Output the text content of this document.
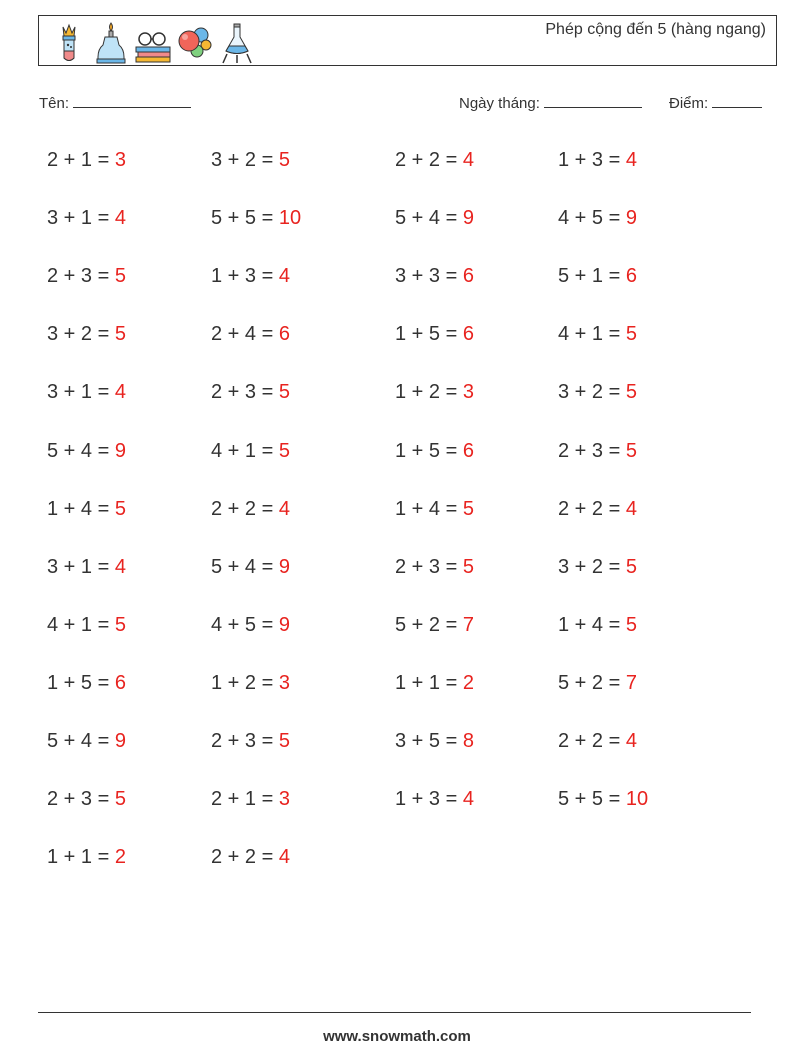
Phép cộng đến 5 (hàng ngang)
Tên:	Ngày tháng:	Điểm:
2 + 1 = 3
3 + 1 = 4
2 + 3 = 5
3 + 2 = 5
3 + 1 = 4
5 + 4 = 9
1 + 4 = 5
3 + 1 = 4
4 + 1 = 5
1 + 5 = 6
5 + 4 = 9
2 + 3 = 5
1 + 1 = 2
3 + 2 = 5
5 + 5 = 10
1 + 3 = 4
2 + 4 = 6
2 + 3 = 5
4 + 1 = 5
2 + 2 = 4
5 + 4 = 9
4 + 5 = 9
1 + 2 = 3
2 + 3 = 5
2 + 1 = 3
2 + 2 = 4
2 + 2 = 4
5 + 4 = 9
3 + 3 = 6
1 + 5 = 6
1 + 2 = 3
1 + 5 = 6
1 + 4 = 5
2 + 3 = 5
5 + 2 = 7
1 + 1 = 2
3 + 5 = 8
1 + 3 = 4
1 + 3 = 4
4 + 5 = 9
5 + 1 = 6
4 + 1 = 5
3 + 2 = 5
2 + 3 = 5
2 + 2 = 4
3 + 2 = 5
1 + 4 = 5
5 + 2 = 7
2 + 2 = 4
5 + 5 = 10
www.snowmath.com
